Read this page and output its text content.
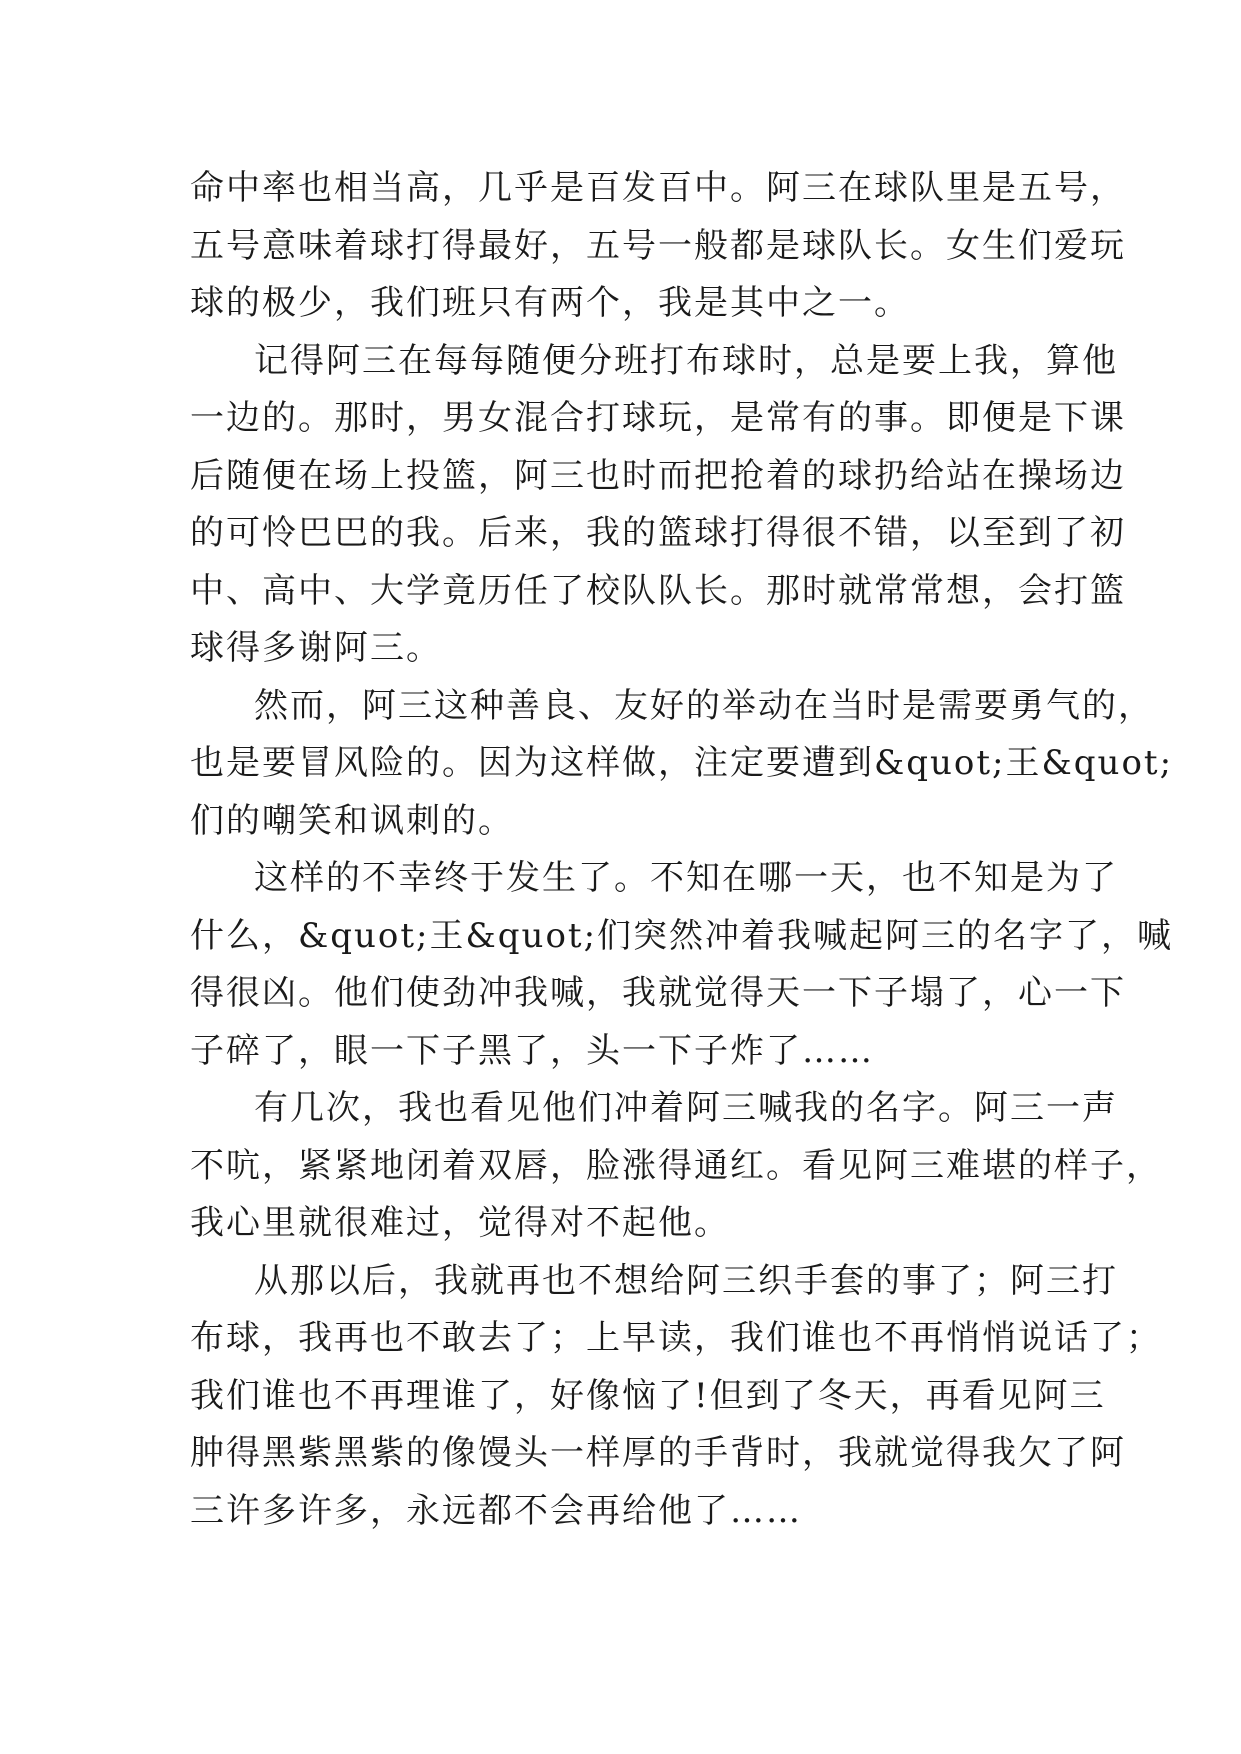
命中率也相当高，几乎是百发百中。阿三在球队里是五号，
五号意味着球打得最好，五号一般都是球队长。女生们爱玩
球的极少，我们班只有两个，我是其中之一。
记得阿三在每每随便分班打布球时，总是要上我，算他
一边的。那时，男女混合打球玩，是常有的事。即便是下课
后随便在场上投篮，阿三也时而把抢着的球扔给站在操场边
的可怜巴巴的我。后来，我的篮球打得很不错，以至到了初
中、高中、大学竟历任了校队队长。那时就常常想，会打篮
球得多谢阿三。
然而，阿三这种善良、友好的举动在当时是需要勇气的，
也是要冒风险的。因为这样做，注定要遭到&quot;王&quot;
们的嘲笑和讽刺的。
这样的不幸终于发生了。不知在哪一天，也不知是为了
什么，&quot;王&quot;们突然冲着我喊起阿三的名字了，喊
得很凶。他们使劲冲我喊，我就觉得天一下子塌了，心一下
子碎了，眼一下子黑了，头一下子炸了……
有几次，我也看见他们冲着阿三喊我的名字。阿三一声
不吭，紧紧地闭着双唇，脸涨得通红。看见阿三难堪的样子，
我心里就很难过，觉得对不起他。
从那以后，我就再也不想给阿三织手套的事了；阿三打
布球，我再也不敢去了；上早读，我们谁也不再悄悄说话了；
我们谁也不再理谁了，好像恼了!但到了冬天，再看见阿三
肿得黑紫黑紫的像馒头一样厚的手背时，我就觉得我欠了阿
三许多许多，永远都不会再给他了……
